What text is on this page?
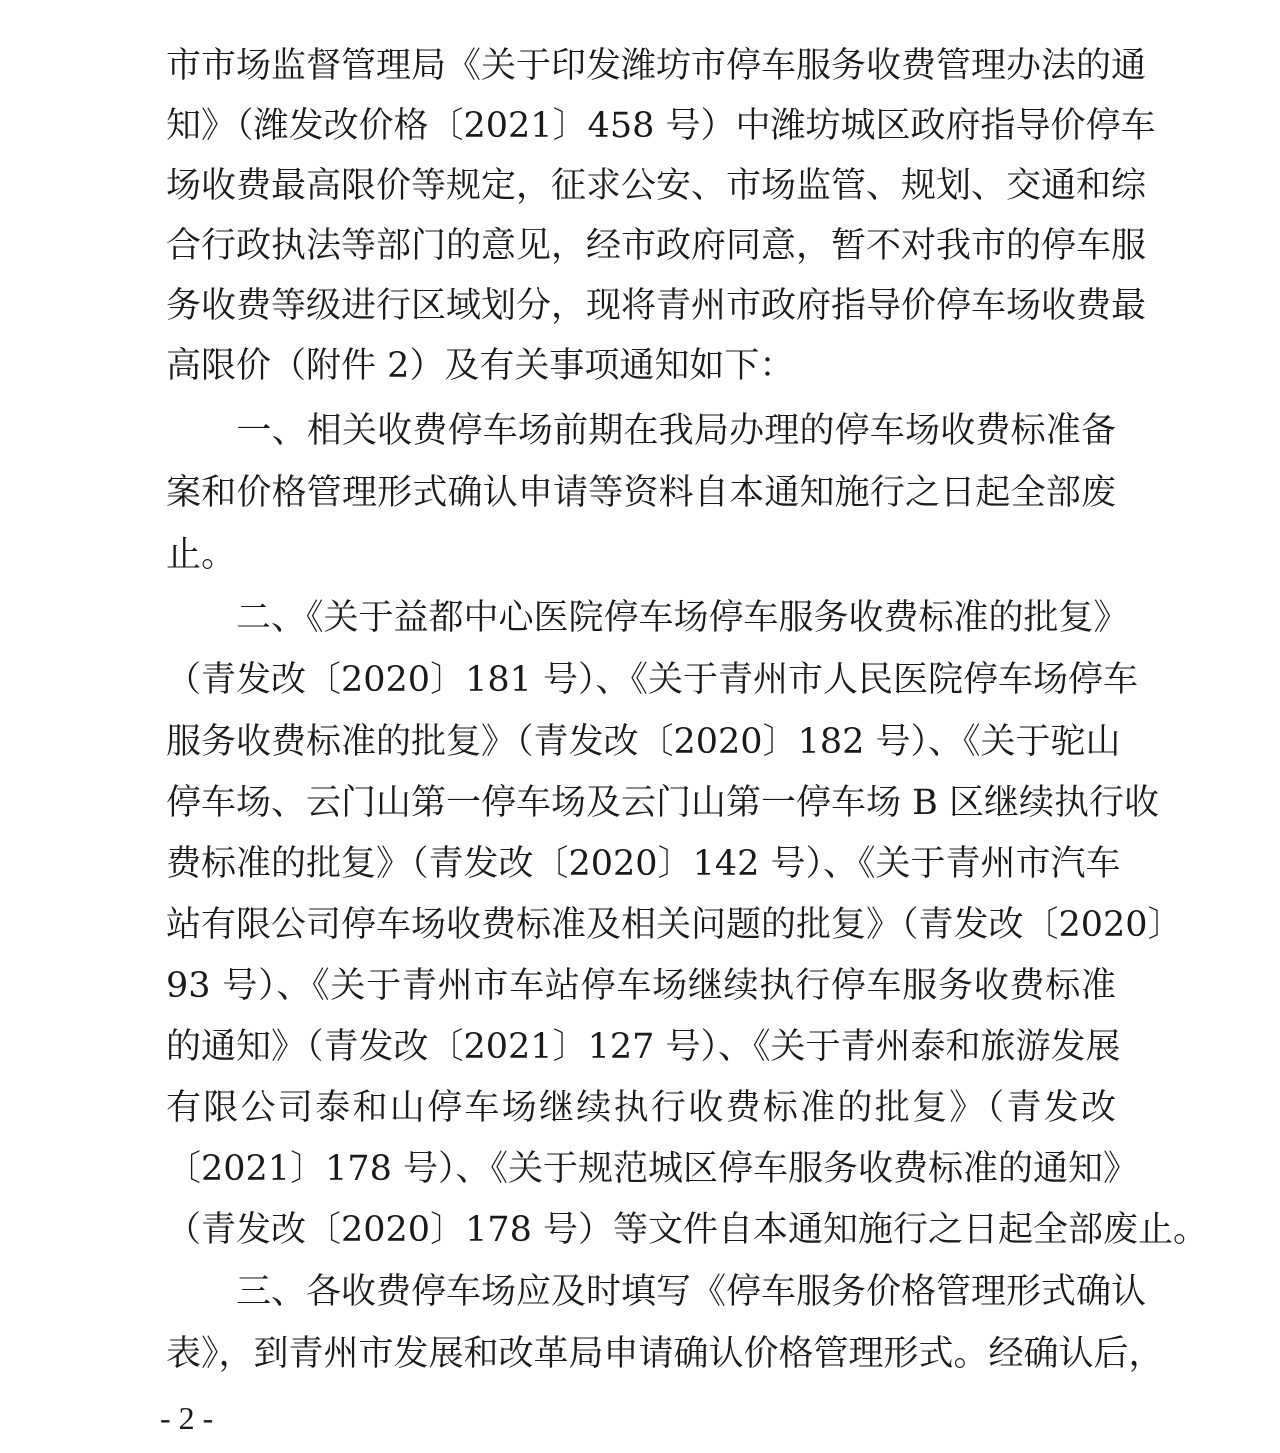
市市场监督管理局《关于印发潍坊市停车服务收费管理办法的通
知》（潍发改价格〔2021〕458 号）中潍坊城区政府指导价停车
场收费最高限价等规定，征求公安、市场监管、规划、交通和综
合行政执法等部门的意见，经市政府同意，暂不对我市的停车服
务收费等级进行区域划分，现将青州市政府指导价停车场收费最
高限价（附件 2）及有关事项通知如下：
　　一、相关收费停车场前期在我局办理的停车场收费标准备
案和价格管理形式确认申请等资料自本通知施行之日起全部废
止。
　　二、《关于益都中心医院停车场停车服务收费标准的批复》
（青发改〔2020〕181 号）、《关于青州市人民医院停车场停车
服务收费标准的批复》（青发改〔2020〕182 号）、《关于驼山
停车场、云门山第一停车场及云门山第一停车场 B 区继续执行收
费标准的批复》（青发改〔2020〕142 号）、《关于青州市汽车
站有限公司停车场收费标准及相关问题的批复》（青发改〔2020〕
93 号）、《关于青州市车站停车场继续执行停车服务收费标准
的通知》（青发改〔2021〕127 号）、《关于青州泰和旅游发展
有限公司泰和山停车场继续执行收费标准的批复》（青发改
〔2021〕178 号）、《关于规范城区停车服务收费标准的通知》
（青发改〔2020〕178 号）等文件自本通知施行之日起全部废止。
　　三、各收费停车场应及时填写《停车服务价格管理形式确认
表》，到青州市发展和改革局申请确认价格管理形式。经确认后，
- 2 -
